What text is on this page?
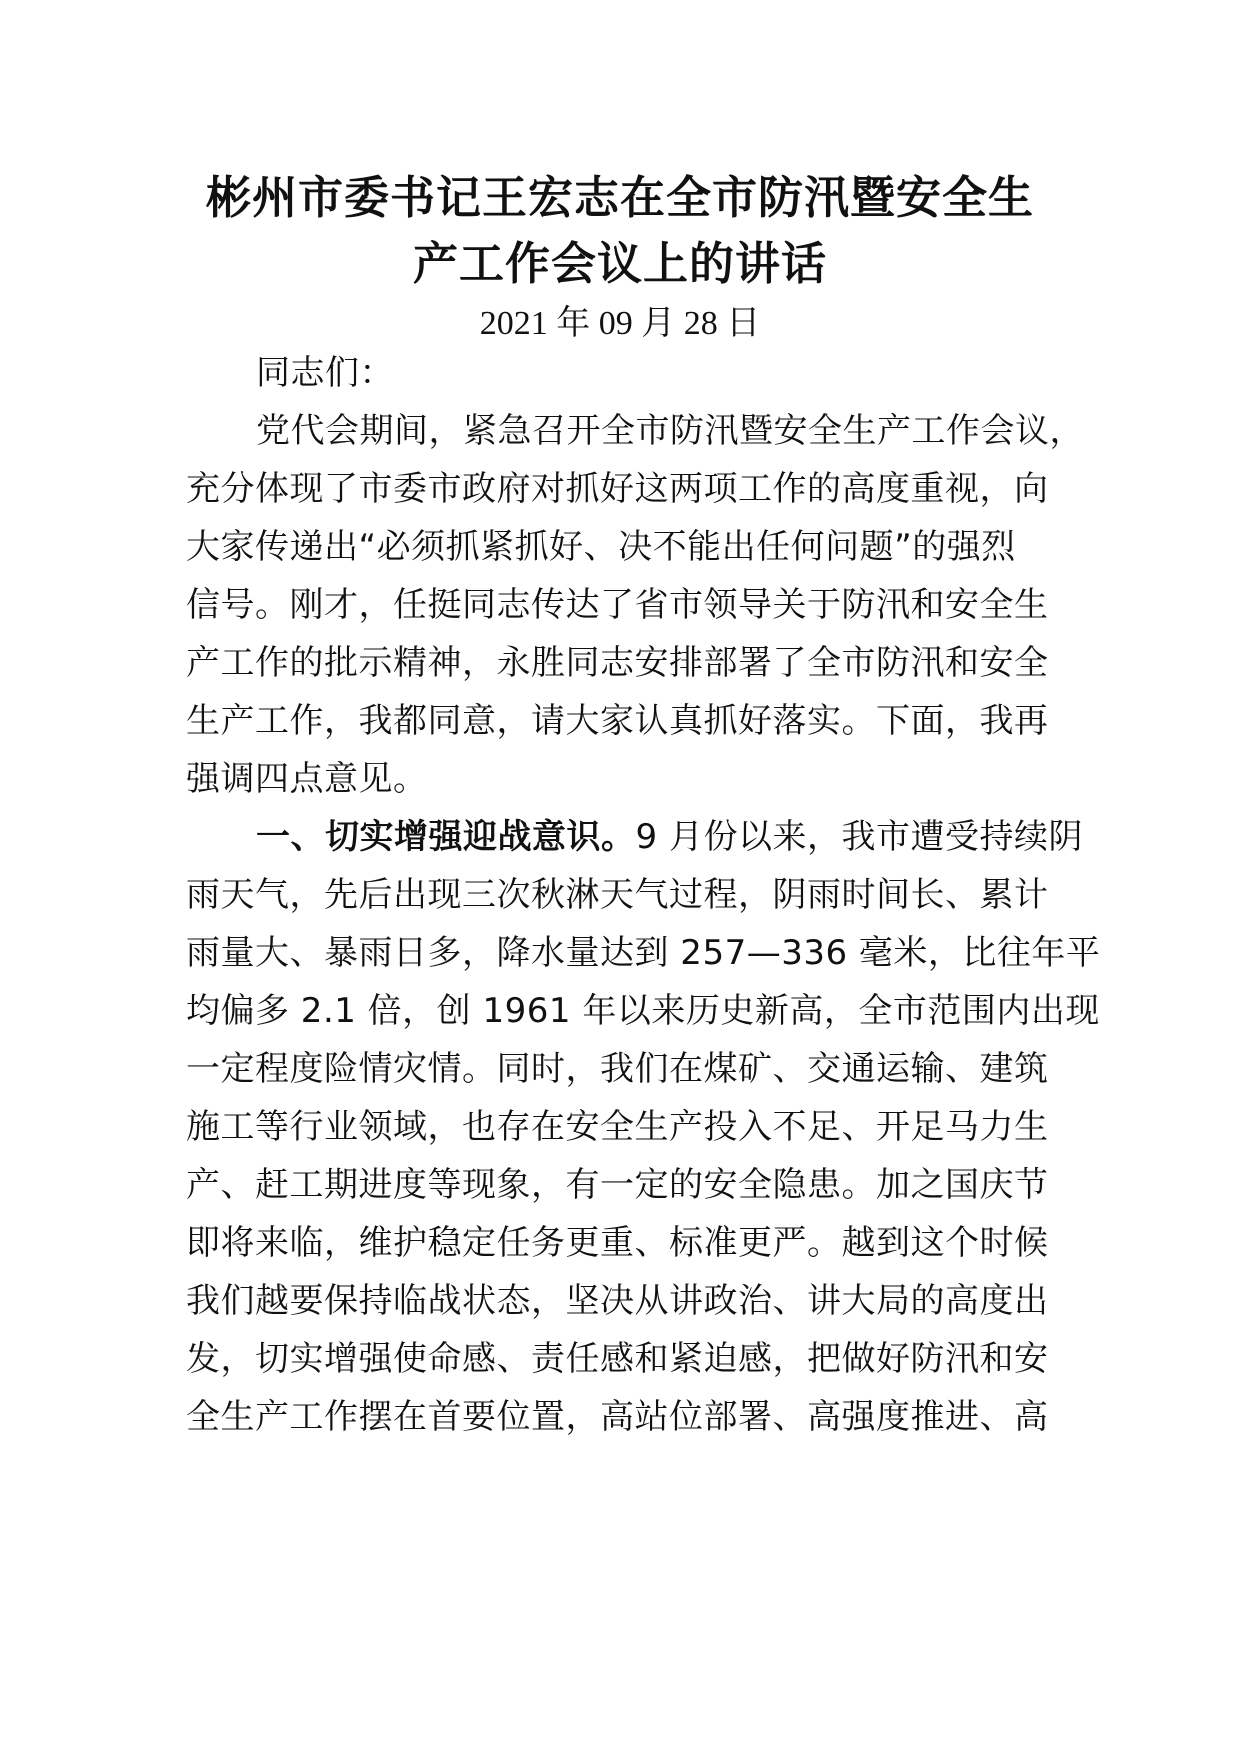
彬州市委书记王宏志在全市防汛暨安全生
产工作会议上的讲话
2021 年 09 月 28 日
同志们：
党代会期间，紧急召开全市防汛暨安全生产工作会议，
充分体现了市委市政府对抓好这两项工作的高度重视，向
大家传递出“必须抓紧抓好、决不能出任何问题”的强烈
信号。刚才，任挺同志传达了省市领导关于防汛和安全生
产工作的批示精神，永胜同志安排部署了全市防汛和安全
生产工作，我都同意，请大家认真抓好落实。下面，我再
强调四点意见。
一、切实增强迎战意识。9 月份以来，我市遭受持续阴
雨天气，先后出现三次秋淋天气过程，阴雨时间长、累计
雨量大、暴雨日多，降水量达到 257—336 毫米，比往年平
均偏多 2.1 倍，创 1961 年以来历史新高，全市范围内出现
一定程度险情灾情。同时，我们在煤矿、交通运输、建筑
施工等行业领域，也存在安全生产投入不足、开足马力生
产、赶工期进度等现象，有一定的安全隐患。加之国庆节
即将来临，维护稳定任务更重、标准更严。越到这个时候
我们越要保持临战状态，坚决从讲政治、讲大局的高度出
发，切实增强使命感、责任感和紧迫感，把做好防汛和安
全生产工作摆在首要位置，高站位部署、高强度推进、高
